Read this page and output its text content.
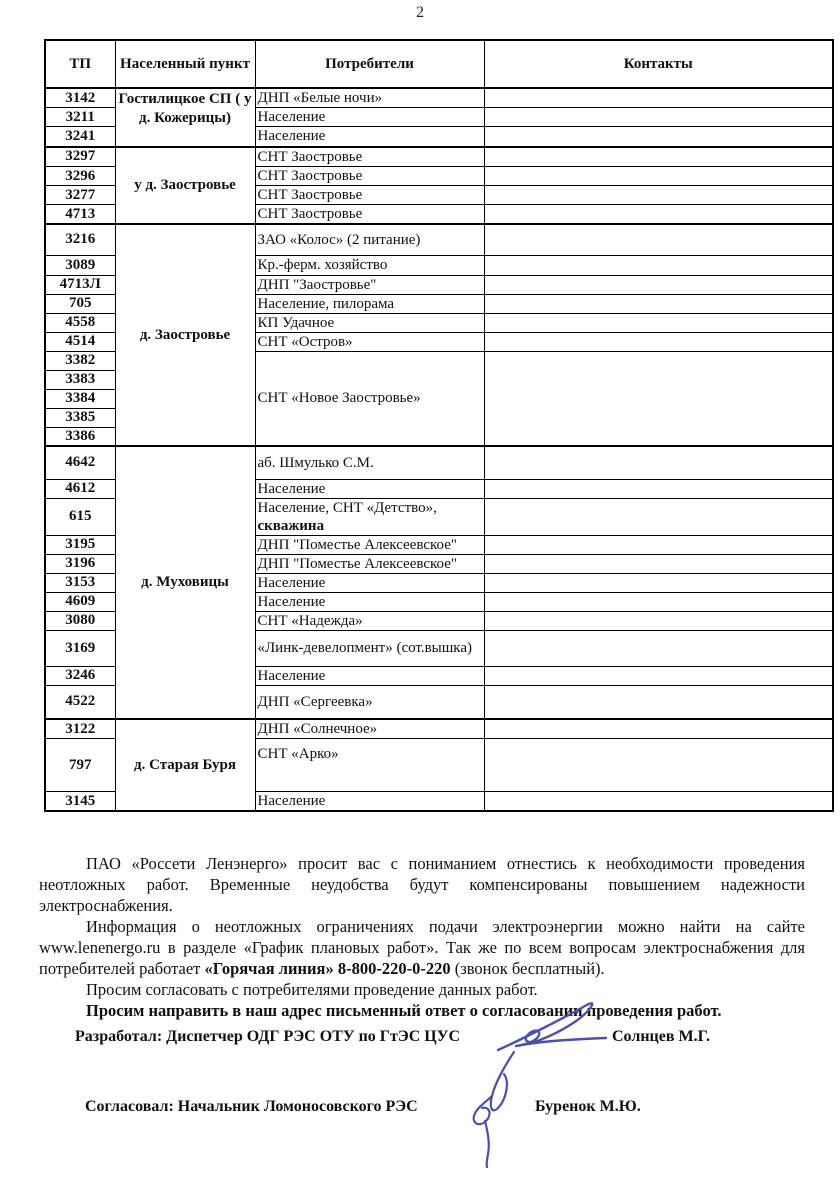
2
ТП	Населенный пункт	Потребители	Контакты
3142	Гостилицкое СП ( у д. Кожерицы)	ДНП «Белые ночи»	
3211		Население	
3241		Население	
3297	у д. Заостровье	СНТ Заостровье	
3296		СНТ Заостровье	
3277		СНТ Заостровье	
4713		СНТ Заостровье	
3216	д. Заостровье	ЗАО «Колос» (2 питание)	
3089		Кр.-ферм. хозяйство	
4713Л		ДНП "Заостровье"	
705		Население, пилорама	
4558		КП Удачное	
4514		СНТ «Остров»	
3382		СНТ «Новое Заостровье»	
3383			
3384			
3385			
3386			
4642	д. Муховицы	аб. Шмулько С.М.	
4612		Население	
615		Население, СНТ «Детство», скважина	
3195		ДНП "Поместье Алексеевское"	
3196		ДНП "Поместье Алексеевское"	
3153		Население	
4609		Население	
3080		СНТ «Надежда»	
3169		«Линк-девелопмент» (сот.вышка)	
3246		Население	
4522		ДНП «Сергеевка»	
3122	д. Старая Буря	ДНП «Солнечное»	
797		СНТ «Арко»	
3145		Население	

ПАО «Россети Ленэнерго» просит вас с пониманием отнестись к необходимости проведения неотложных работ. Временные неудобства будут компенсированы повышением надежности электроснабжения.

Информация о неотложных ограничениях подачи электроэнергии можно найти на сайте www.lenenergo.ru в разделе «График плановых работ». Так же по всем вопросам электроснабжения для потребителей работает «Горячая линия» 8-800-220-0-220 (звонок бесплатный).

Просим согласовать с потребителями проведение данных работ.

Просим направить в наш адрес письменный ответ о согласовании проведения работ.

Разработал: Диспетчер ОДГ РЭС ОТУ по ГтЭС ЦУС	Солнцев М.Г.
Согласовал: Начальник Ломоносовского РЭС	Буренок М.Ю.
